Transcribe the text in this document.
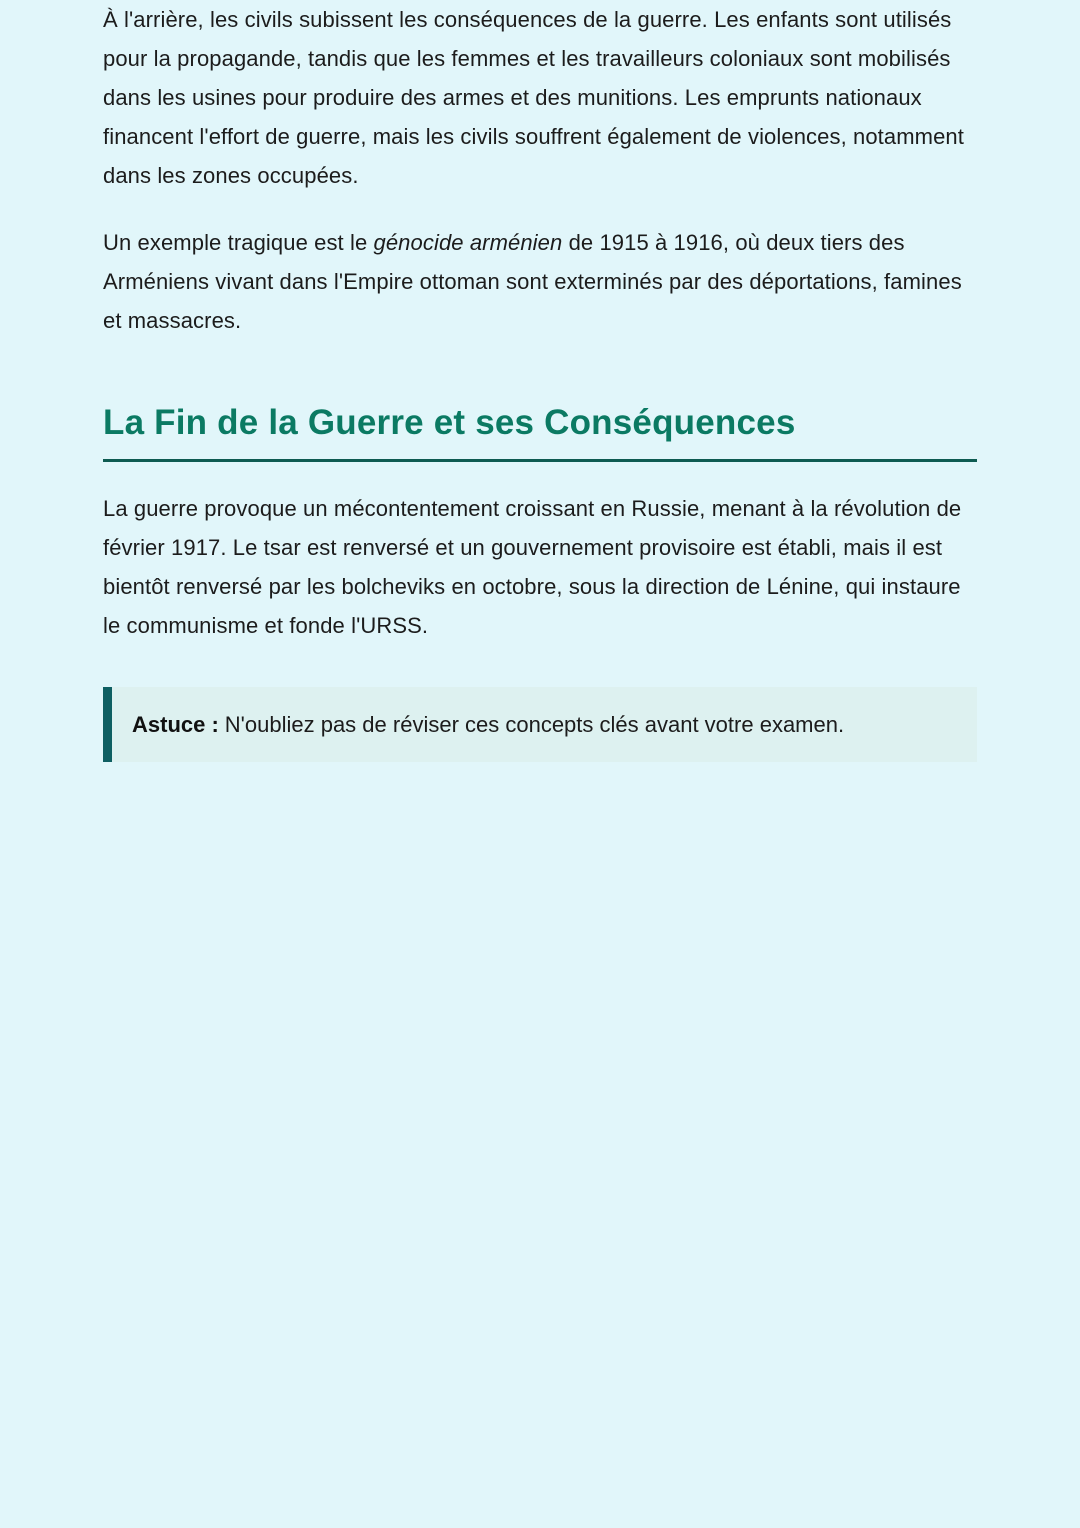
À l'arrière, les civils subissent les conséquences de la guerre. Les enfants sont utilisés pour la propagande, tandis que les femmes et les travailleurs coloniaux sont mobilisés dans les usines pour produire des armes et des munitions. Les emprunts nationaux financent l'effort de guerre, mais les civils souffrent également de violences, notamment dans les zones occupées.

Un exemple tragique est le génocide arménien de 1915 à 1916, où deux tiers des Arméniens vivant dans l'Empire ottoman sont exterminés par des déportations, famines et massacres.

La Fin de la Guerre et ses Conséquences

La guerre provoque un mécontentement croissant en Russie, menant à la révolution de février 1917. Le tsar est renversé et un gouvernement provisoire est établi, mais il est bientôt renversé par les bolcheviks en octobre, sous la direction de Lénine, qui instaure le communisme et fonde l'URSS.

Astuce : N'oubliez pas de réviser ces concepts clés avant votre examen.
